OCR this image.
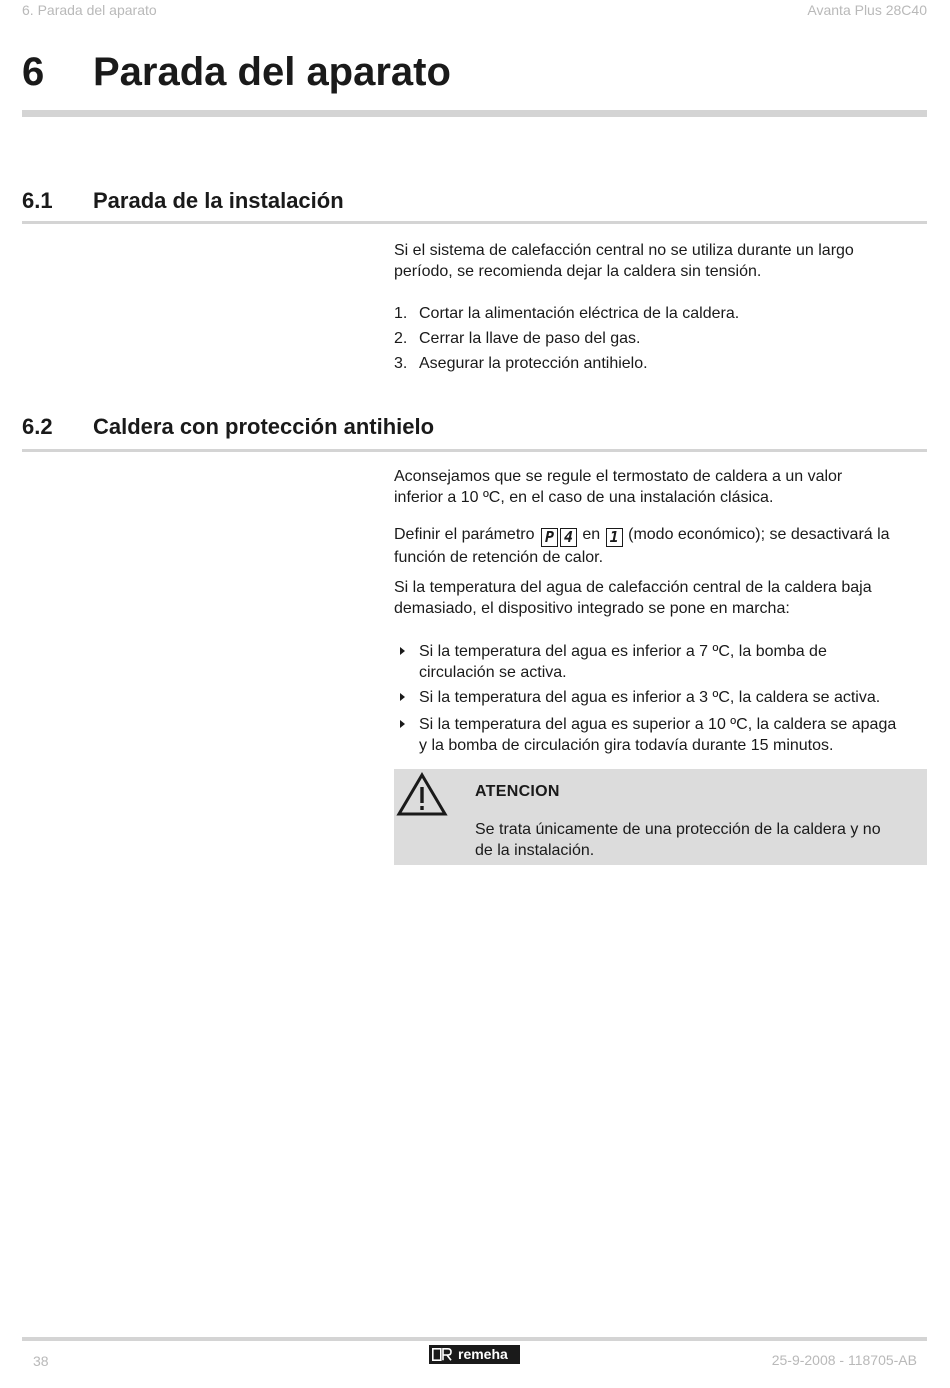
6. Parada del aparato	Avanta Plus 28C40
6 Parada del aparato
6.1 Parada de la instalación
Si el sistema de calefacción central no se utiliza durante un largo
período, se recomienda dejar la caldera sin tensión.
1. Cortar la alimentación eléctrica de la caldera.
2. Cerrar la llave de paso del gas.
3. Asegurar la protección antihielo.
6.2 Caldera con protección antihielo
Aconsejamos que se regule el termostato de caldera a un valor
inferior a 10 ºC, en el caso de una instalación clásica.
Definir el parámetro P 4 en 1 (modo económico); se desactivará la
función de retención de calor.
Si la temperatura del agua de calefacción central de la caldera baja
demasiado, el dispositivo integrado se pone en marcha:
Si la temperatura del agua es inferior a 7 ºC, la bomba de
circulación se activa.
Si la temperatura del agua es inferior a 3 ºC, la caldera se activa.
Si la temperatura del agua es superior a 10 ºC, la caldera se apaga
y la bomba de circulación gira todavía durante 15 minutos.
ATENCION
Se trata únicamente de una protección de la caldera y no
de la instalación.
38	remeha	25-9-2008 - 118705-AB
